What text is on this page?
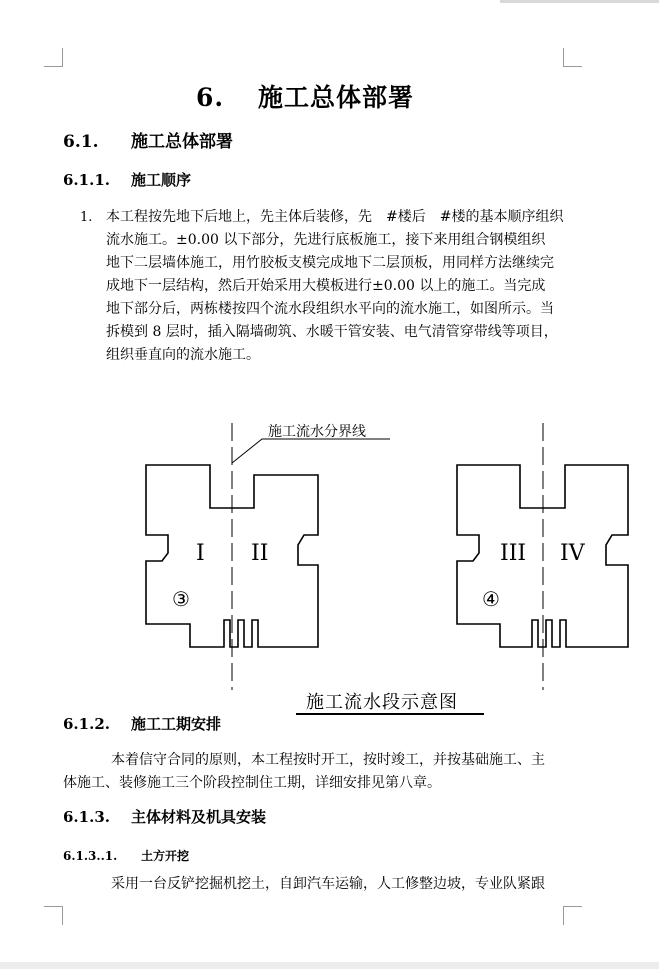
6. 施工总体部署
6.1. 施工总体部署
6.1.1. 施工顺序
1. 本工程按先地下后地上，先主体后装修，先　#楼后　#楼的基本顺序组织
流水施工。±0.00 以下部分，先进行底板施工，接下来用组合钢模组织
地下二层墙体施工，用竹胶板支模完成地下二层顶板，用同样方法继续完
成地下一层结构，然后开始采用大模板进行±0.00 以上的施工。当完成
地下部分后，两栋楼按四个流水段组织水平向的流水施工，如图所示。当
拆模到 8 层时，插入隔墙砌筑、水暖干管安装、电气清管穿带线等项目，
组织垂直向的流水施工。
施工流水分界线
I II	III IV
③	④
施工流水段示意图
6.1.2. 施工工期安排
　　本着信守合同的原则，本工程按时开工，按时竣工，并按基础施工、主
体施工、装修施工三个阶段控制住工期，详细安排见第八章。
6.1.3. 主体材料及机具安装
6.1.3..1. 土方开挖
　　采用一台反铲挖掘机挖土，自卸汽车运输，人工修整边坡，专业队紧跟
